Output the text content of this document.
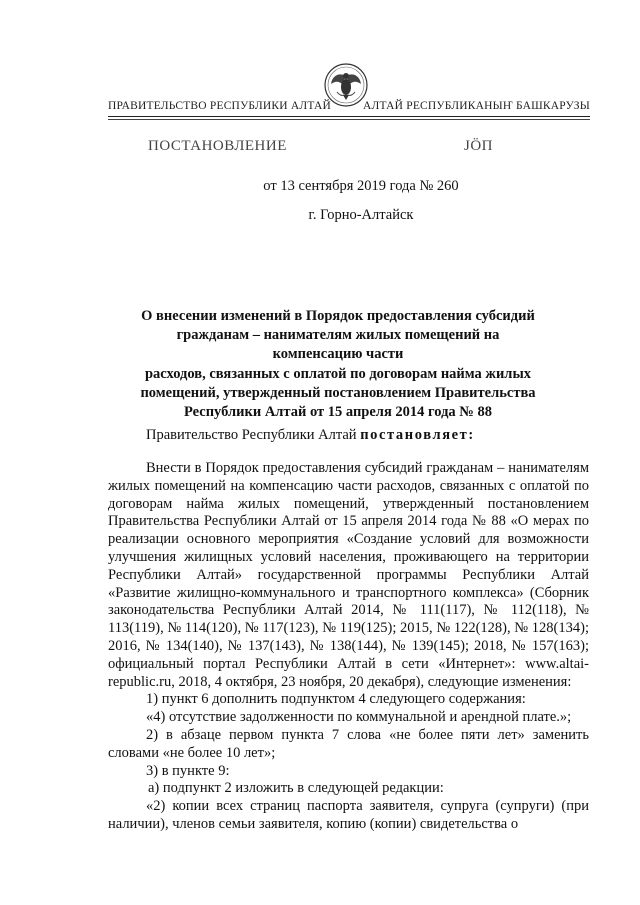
ПРАВИТЕЛЬСТВО РЕСПУБЛИКИ АЛТАЙ	АЛТАЙ РЕСПУБЛИКАНЫҤ БАШКАРУЗЫ
ПОСТАНОВЛЕНИЕ	ЈÖП
от 13 сентября 2019 года № 260
г. Горно-Алтайск
О внесении изменений в Порядок предоставления субсидий
гражданам – нанимателям жилых помещений на компенсацию части
расходов, связанных с оплатой по договорам найма жилых
помещений, утвержденный постановлением Правительства
Республики Алтай от 15 апреля 2014 года № 88
Правительство Республики Алтай постановляет:

Внести в Порядок предоставления субсидий гражданам – нанимателям жилых помещений на компенсацию части расходов, связанных с оплатой по договорам найма жилых помещений, утвержденный постановлением Правительства Республики Алтай от 15 апреля 2014 года № 88 «О мерах по реализации основного мероприятия «Создание условий для возможности улучшения жилищных условий населения, проживающего на территории Республики Алтай» государственной программы Республики Алтай «Развитие жилищно-коммунального и транспортного комплекса» (Сборник законодательства Республики Алтай 2014, № 111(117), № 112(118), № 113(119), № 114(120), № 117(123), № 119(125); 2015, № 122(128), № 128(134); 2016, № 134(140), № 137(143), № 138(144), № 139(145); 2018, № 157(163); официальный портал Республики Алтай в сети «Интернет»: www.altai-republic.ru, 2018, 4 октября, 23 ноября, 20 декабря), следующие изменения:

1) пункт 6 дополнить подпунктом 4 следующего содержания:

«4) отсутствие задолженности по коммунальной и арендной плате.»;

2) в абзаце первом пункта 7 слова «не более пяти лет» заменить словами «не более 10 лет»;

3) в пункте 9:

а) подпункт 2 изложить в следующей редакции:

«2) копии всех страниц паспорта заявителя, супруга (супруги) (при наличии), членов семьи заявителя, копию (копии) свидетельства о
